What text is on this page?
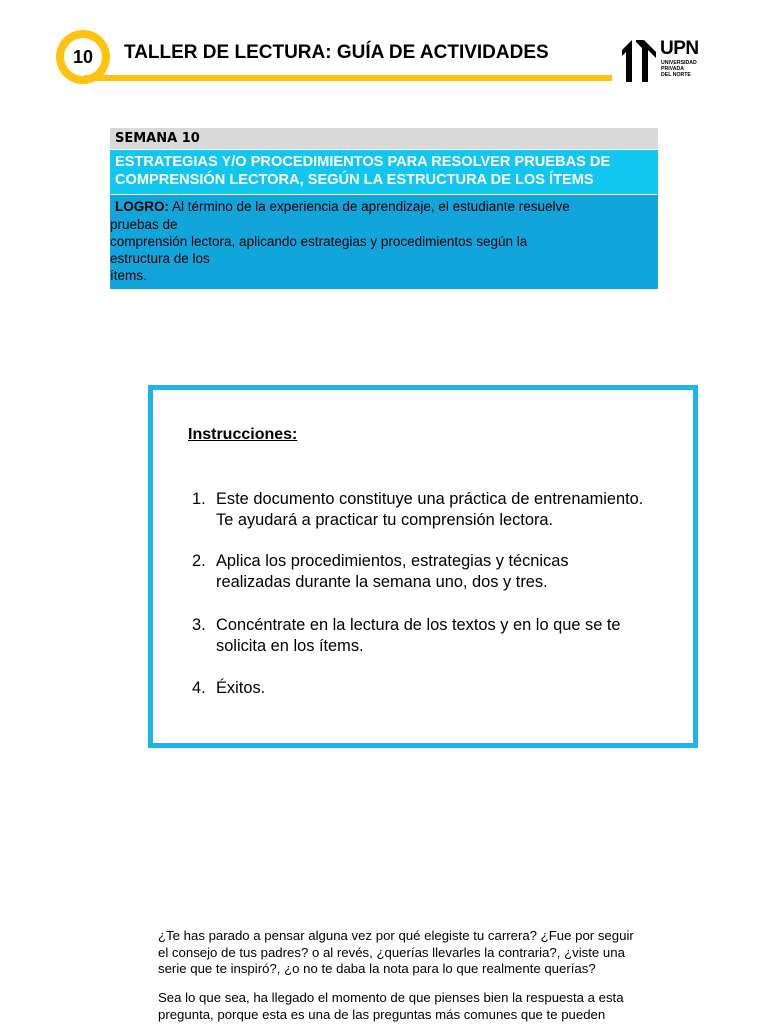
10	TALLER DE LECTURA: GUÍA DE ACTIVIDADES	UPN
UNIVERSIDAD
PRIVADA
DEL NORTE
SEMANA 10
ESTRATEGIAS Y/O PROCEDIMIENTOS PARA RESOLVER PRUEBAS DE
COMPRENSIÓN LECTORA, SEGÚN LA ESTRUCTURA DE LOS ÍTEMS
LOGRO: Al término de la experiencia de aprendizaje, el estudiante resuelve
pruebas de
comprensión lectora, aplicando estrategias y procedimientos según la
estructura de los
ítems.
Instrucciones:
1. Este documento constituye una práctica de entrenamiento.
Te ayudará a practicar tu comprensión lectora.
2. Aplica los procedimientos, estrategias y técnicas
realizadas durante la semana uno, dos y tres.
3. Concéntrate en la lectura de los textos y en lo que se te
solicita en los ítems.
4. Éxitos.
¿Te has parado a pensar alguna vez por qué elegiste tu carrera? ¿Fue por seguir
el consejo de tus padres? o al revés, ¿querías llevarles la contraria?, ¿viste una
serie que te inspiró?, ¿o no te daba la nota para lo que realmente querías?
Sea lo que sea, ha llegado el momento de que pienses bien la respuesta a esta
pregunta, porque esta es una de las preguntas más comunes que te pueden
